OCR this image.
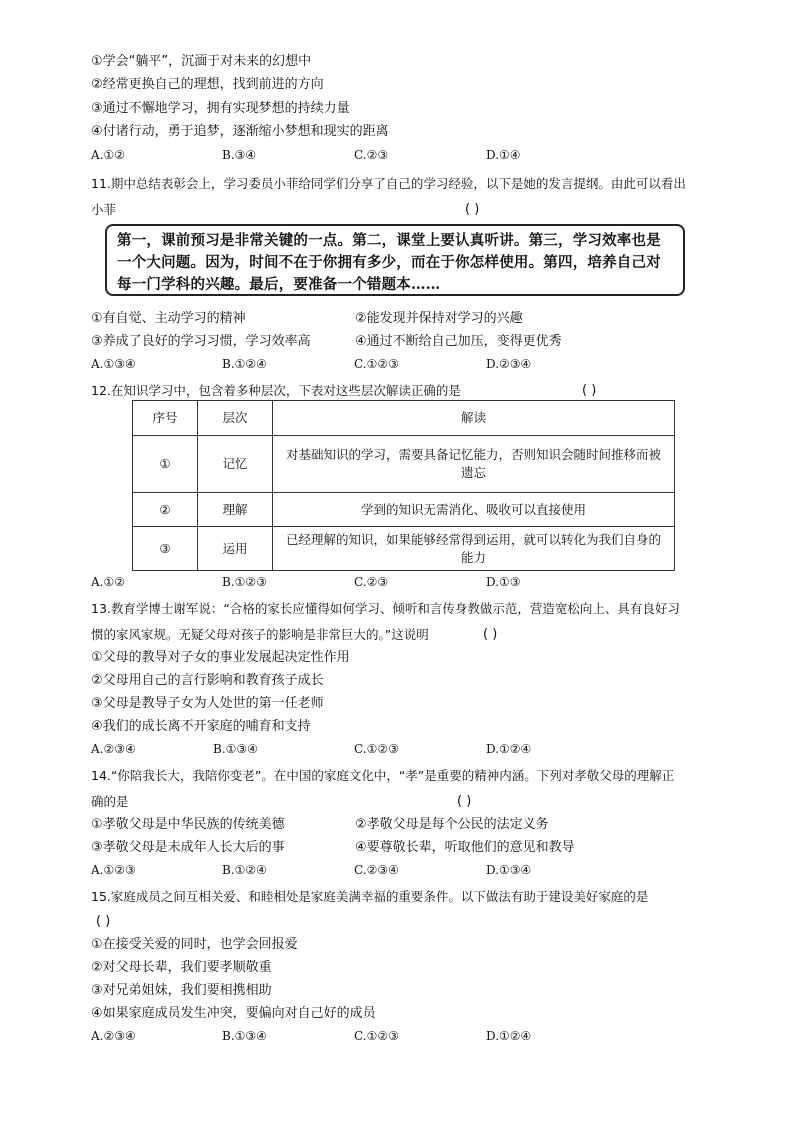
①学会“躺平”，沉湎于对未来的幻想中
②经常更换自己的理想，找到前进的方向
③通过不懈地学习，拥有实现梦想的持续力量
④付诸行动，勇于追梦，逐渐缩小梦想和现实的距离
A.①②	B.③④	C.②③	D.①④
11.期中总结表彰会上，学习委员小菲给同学们分享了自己的学习经验，以下是她的发言提纲。由此可以看出
小菲	( )
第一，课前预习是非常关键的一点。第二，课堂上要认真听讲。第三，学习效率也是一个大问题。因为，时间不在于你拥有多少，而在于你怎样使用。第四，培养自己对每一门学科的兴趣。最后，要准备一个错题本……
①有自觉、主动学习的精神	②能发现并保持对学习的兴趣
③养成了良好的学习习惯，学习效率高	④通过不断给自己加压，变得更优秀
A.①③④	B.①②④	C.①②③	D.②③④
12.在知识学习中，包含着多种层次，下表对这些层次解读正确的是	( )
序号	层次	解读
①	记忆	对基础知识的学习，需要具备记忆能力，否则知识会随时间推移而被遗忘
②	理解	学到的知识无需消化、吸收可以直接使用
③	运用	已经理解的知识，如果能够经常得到运用，就可以转化为我们自身的能力
A.①②	B.①②③	C.②③	D.①③
13.教育学博士谢军说：“合格的家长应懂得如何学习、倾听和言传身教做示范，营造宽松向上、具有良好习
惯的家风家规。无疑父母对孩子的影响是非常巨大的。”这说明	( )
①父母的教导对子女的事业发展起决定性作用
②父母用自己的言行影响和教育孩子成长
③父母是教导子女为人处世的第一任老师
④我们的成长离不开家庭的哺育和支持
A.②③④	B.①③④	C.①②③	D.①②④
14.“你陪我长大，我陪你变老”。在中国的家庭文化中，“孝”是重要的精神内涵。下列对孝敬父母的理解正
确的是	( )
①孝敬父母是中华民族的传统美德	②孝敬父母是每个公民的法定义务
③孝敬父母是未成年人长大后的事	④要尊敬长辈，听取他们的意见和教导
A.①②③	B.①②④	C.②③④	D.①③④
15.家庭成员之间互相关爱、和睦相处是家庭美满幸福的重要条件。以下做法有助于建设美好家庭的是
( )
①在接受关爱的同时，也学会回报爱
②对父母长辈，我们要孝顺敬重
③对兄弟姐妹，我们要相携相助
④如果家庭成员发生冲突，要偏向对自己好的成员
A.②③④	B.①③④	C.①②③	D.①②④
